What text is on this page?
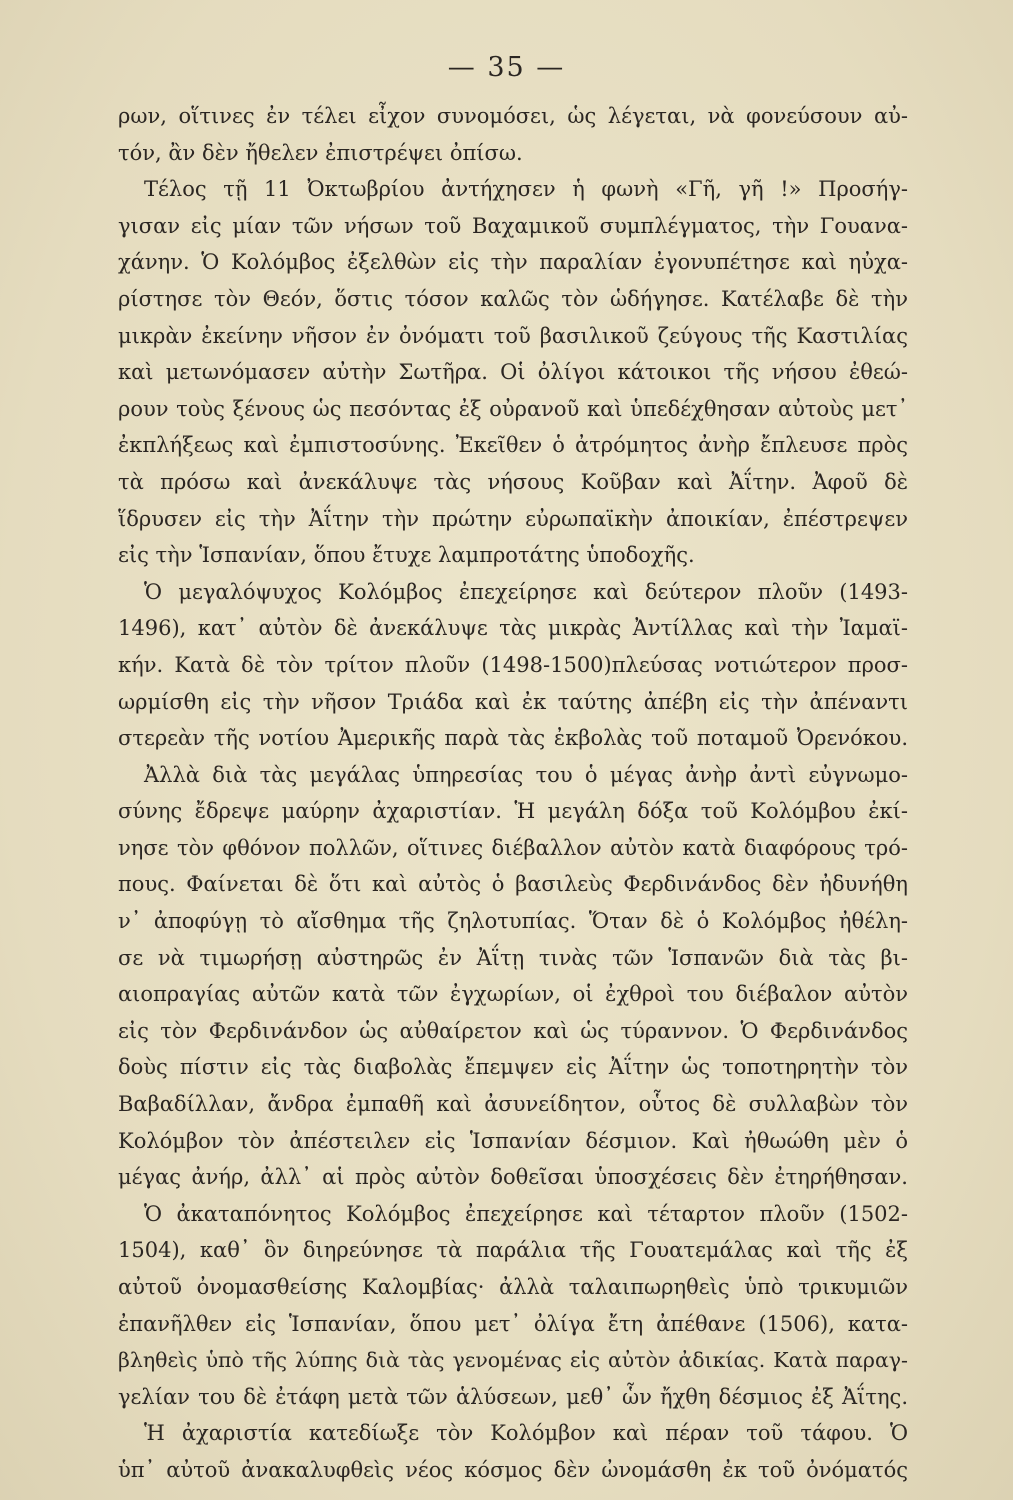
— 35 —
ρων, οἵτινες ἐν τέλει εἶχον συνομόσει, ὡς λέγεται, νὰ φονεύσουν αὐ-
τόν, ἂν δὲν ἤθελεν ἐπιστρέψει ὀπίσω.
Τέλος τῇ 11 Ὀκτωβρίου ἀντήχησεν ἡ φωνὴ «Γῆ, γῆ !» Προσήγ-
γισαν εἰς μίαν τῶν νήσων τοῦ Βαχαμικοῦ συμπλέγματος, τὴν Γουανα-
χάνην. Ὁ Κολόμβος ἐξελθὼν εἰς τὴν παραλίαν ἐγονυπέτησε καὶ ηὐχα-
ρίστησε τὸν Θεόν, ὅστις τόσον καλῶς τὸν ὡδήγησε. Κατέλαβε δὲ τὴν
μικρὰν ἐκείνην νῆσον ἐν ὀνόματι τοῦ βασιλικοῦ ζεύγους τῆς Καστιλίας
καὶ μετωνόμασεν αὐτὴν Σωτῆρα. Οἱ ὀλίγοι κάτοικοι τῆς νήσου ἐθεώ-
ρουν τοὺς ξένους ὡς πεσόντας ἐξ οὐρανοῦ καὶ ὑπεδέχθησαν αὐτοὺς μετ᾽
ἐκπλήξεως καὶ ἐμπιστοσύνης. Ἐκεῖθεν ὁ ἀτρόμητος ἀνὴρ ἔπλευσε πρὸς
τὰ πρόσω καὶ ἀνεκάλυψε τὰς νήσους Κοῦβαν καὶ Ἀΐτην. Ἀφοῦ δὲ
ἵδρυσεν εἰς τὴν Ἀΐτην τὴν πρώτην εὐρωπαϊκὴν ἀποικίαν, ἐπέστρεψεν
εἰς τὴν Ἱσπανίαν, ὅπου ἔτυχε λαμπροτάτης ὑποδοχῆς.
Ὁ μεγαλόψυχος Κολόμβος ἐπεχείρησε καὶ δεύτερον πλοῦν (1493-
1496), κατ᾽ αὐτὸν δὲ ἀνεκάλυψε τὰς μικρὰς Ἀντίλλας καὶ τὴν Ἰαμαϊ-
κήν. Κατὰ δὲ τὸν τρίτον πλοῦν (1498-1500)πλεύσας νοτιώτερον προσ-
ωρμίσθη εἰς τὴν νῆσον Τριάδα καὶ ἐκ ταύτης ἀπέβη εἰς τὴν ἀπέναντι
στερεὰν τῆς νοτίου Ἀμερικῆς παρὰ τὰς ἐκβολὰς τοῦ ποταμοῦ Ὀρενόκου.
Ἀλλὰ διὰ τὰς μεγάλας ὑπηρεσίας του ὁ μέγας ἀνὴρ ἀντὶ εὐγνωμο-
σύνης ἔδρεψε μαύρην ἀχαριστίαν. Ἡ μεγάλη δόξα τοῦ Κολόμβου ἐκί-
νησε τὸν φθόνον πολλῶν, οἵτινες διέβαλλον αὐτὸν κατὰ διαφόρους τρό-
πους. Φαίνεται δὲ ὅτι καὶ αὐτὸς ὁ βασιλεὺς Φερδινάνδος δὲν ἠδυνήθη
ν᾽ ἀποφύγῃ τὸ αἴσθημα τῆς ζηλοτυπίας. Ὅταν δὲ ὁ Κολόμβος ἠθέλη-
σε νὰ τιμωρήσῃ αὐστηρῶς ἐν Ἀΐτῃ τινὰς τῶν Ἱσπανῶν διὰ τὰς βι-
αιοπραγίας αὐτῶν κατὰ τῶν ἐγχωρίων, οἱ ἐχθροὶ του διέβαλον αὐτὸν
εἰς τὸν Φερδινάνδον ὡς αὐθαίρετον καὶ ὡς τύραννον. Ὁ Φερδινάνδος
δοὺς πίστιν εἰς τὰς διαβολὰς ἔπεμψεν εἰς Ἀΐτην ὡς τοποτηρητὴν τὸν
Βαβαδίλλαν, ἄνδρα ἐμπαθῆ καὶ ἀσυνείδητον, οὗτος δὲ συλλαβὼν τὸν
Κολόμβον τὸν ἀπέστειλεν εἰς Ἱσπανίαν δέσμιον. Καὶ ἠθωώθη μὲν ὁ
μέγας ἀνήρ, ἀλλ᾽ αἱ πρὸς αὐτὸν δοθεῖσαι ὑποσχέσεις δὲν ἐτηρήθησαν.
Ὁ ἀκαταπόνητος Κολόμβος ἐπεχείρησε καὶ τέταρτον πλοῦν (1502-
1504), καθ᾽ ὃν διηρεύνησε τὰ παράλια τῆς Γουατεμάλας καὶ τῆς ἐξ
αὐτοῦ ὀνομασθείσης Καλομβίας· ἀλλὰ ταλαιπωρηθεὶς ὑπὸ τρικυμιῶν
ἐπανῆλθεν εἰς Ἱσπανίαν, ὅπου μετ᾽ ὀλίγα ἔτη ἀπέθανε (1506), κατα-
βληθεὶς ὑπὸ τῆς λύπης διὰ τὰς γενομένας εἰς αὐτὸν ἀδικίας. Κατὰ παραγ-
γελίαν του δὲ ἐτάφη μετὰ τῶν ἁλύσεων, μεθ᾽ ὧν ἤχθη δέσμιος ἐξ Ἀΐτης.
Ἡ ἀχαριστία κατεδίωξε τὸν Κολόμβον καὶ πέραν τοῦ τάφου. Ὁ
ὑπ᾽ αὐτοῦ ἀνακαλυφθεὶς νέος κόσμος δὲν ὠνομάσθη ἐκ τοῦ ὀνόματός
